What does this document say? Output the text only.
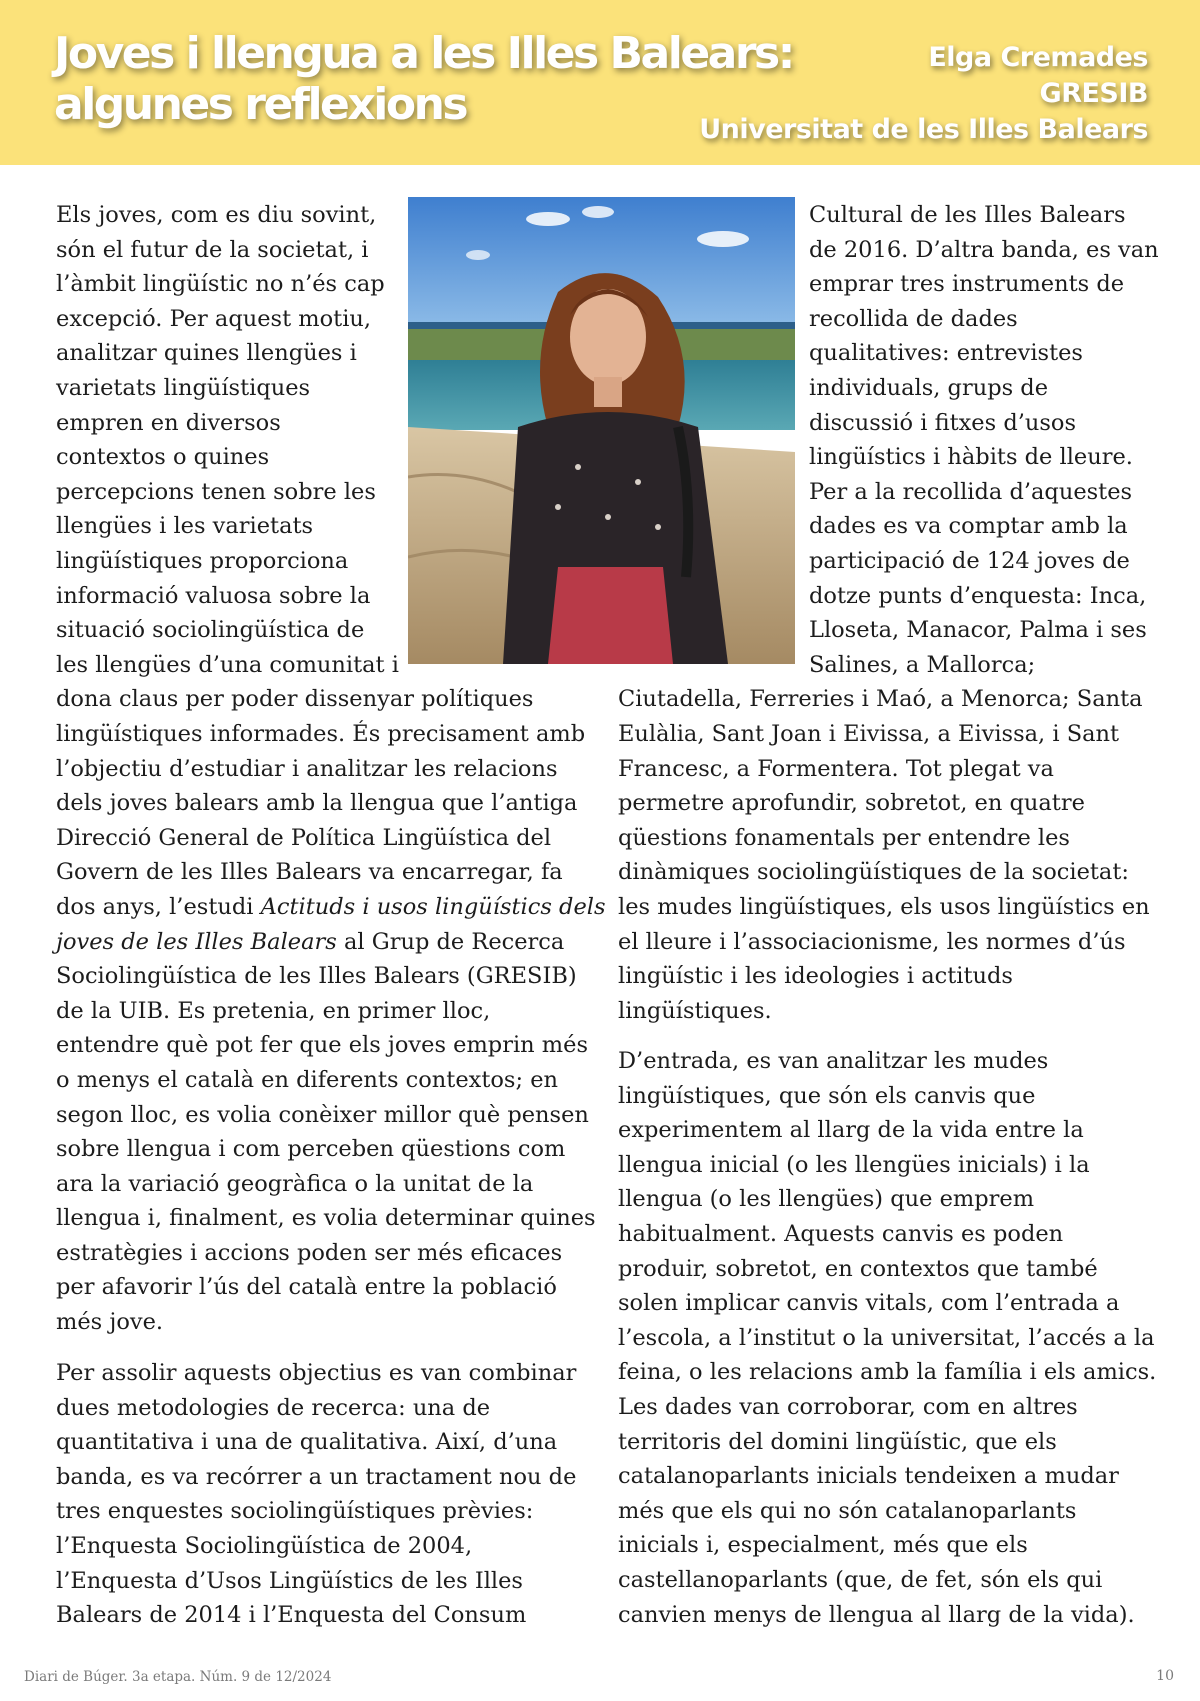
Joves i llengua a les Illes Balears:
algunes reflexions
Elga Cremades
GRESIB
Universitat de les Illes Balears
Els joves, com es diu sovint,
són el futur de la societat, i
l’àmbit lingüístic no n’és cap
excepció. Per aquest motiu,
analitzar quines llengües i
varietats lingüístiques
empren en diversos
contextos o quines
percepcions tenen sobre les
llengües i les varietats
lingüístiques proporciona
informació valuosa sobre la
situació sociolingüística de
les llengües d’una comunitat i
Cultural de les Illes Balears
de 2016. D’altra banda, es van
emprar tres instruments de
recollida de dades
qualitatives: entrevistes
individuals, grups de
discussió i fitxes d’usos
lingüístics i hàbits de lleure.
Per a la recollida d’aquestes
dades es va comptar amb la
participació de 124 joves de
dotze punts d’enquesta: Inca,
Lloseta, Manacor, Palma i ses
Salines, a Mallorca;
dona claus per poder dissenyar polítiques
lingüístiques informades. És precisament amb
l’objectiu d’estudiar i analitzar les relacions
dels joves balears amb la llengua que l’antiga
Direcció General de Política Lingüística del
Govern de les Illes Balears va encarregar, fa
dos anys, l’estudi Actituds i usos lingüístics dels
joves de les Illes Balears al Grup de Recerca
Sociolingüística de les Illes Balears (GRESIB)
de la UIB. Es pretenia, en primer lloc,
entendre què pot fer que els joves emprin més
o menys el català en diferents contextos; en
segon lloc, es volia conèixer millor què pensen
sobre llengua i com perceben qüestions com
ara la variació geogràfica o la unitat de la
llengua i, finalment, es volia determinar quines
estratègies i accions poden ser més eficaces
per afavorir l’ús del català entre la població
més jove.
Per assolir aquests objectius es van combinar
dues metodologies de recerca: una de
quantitativa i una de qualitativa. Així, d’una
banda, es va recórrer a un tractament nou de
tres enquestes sociolingüístiques prèvies:
l’Enquesta Sociolingüística de 2004,
l’Enquesta d’Usos Lingüístics de les Illes
Balears de 2014 i l’Enquesta del Consum
Ciutadella, Ferreries i Maó, a Menorca; Santa
Eulàlia, Sant Joan i Eivissa, a Eivissa, i Sant
Francesc, a Formentera. Tot plegat va
permetre aprofundir, sobretot, en quatre
qüestions fonamentals per entendre les
dinàmiques sociolingüístiques de la societat:
les mudes lingüístiques, els usos lingüístics en
el lleure i l’associacionisme, les normes d’ús
lingüístic i les ideologies i actituds
lingüístiques.
D’entrada, es van analitzar les mudes
lingüístiques, que són els canvis que
experimentem al llarg de la vida entre la
llengua inicial (o les llengües inicials) i la
llengua (o les llengües) que emprem
habitualment. Aquests canvis es poden
produir, sobretot, en contextos que també
solen implicar canvis vitals, com l’entrada a
l’escola, a l’institut o la universitat, l’accés a la
feina, o les relacions amb la família i els amics.
Les dades van corroborar, com en altres
territoris del domini lingüístic, que els
catalanoparlants inicials tendeixen a mudar
més que els qui no són catalanoparlants
inicials i, especialment, més que els
castellanoparlants (que, de fet, són els qui
canvien menys de llengua al llarg de la vida).
Diari de Búger. 3a etapa. Núm. 9 de 12/2024	10
